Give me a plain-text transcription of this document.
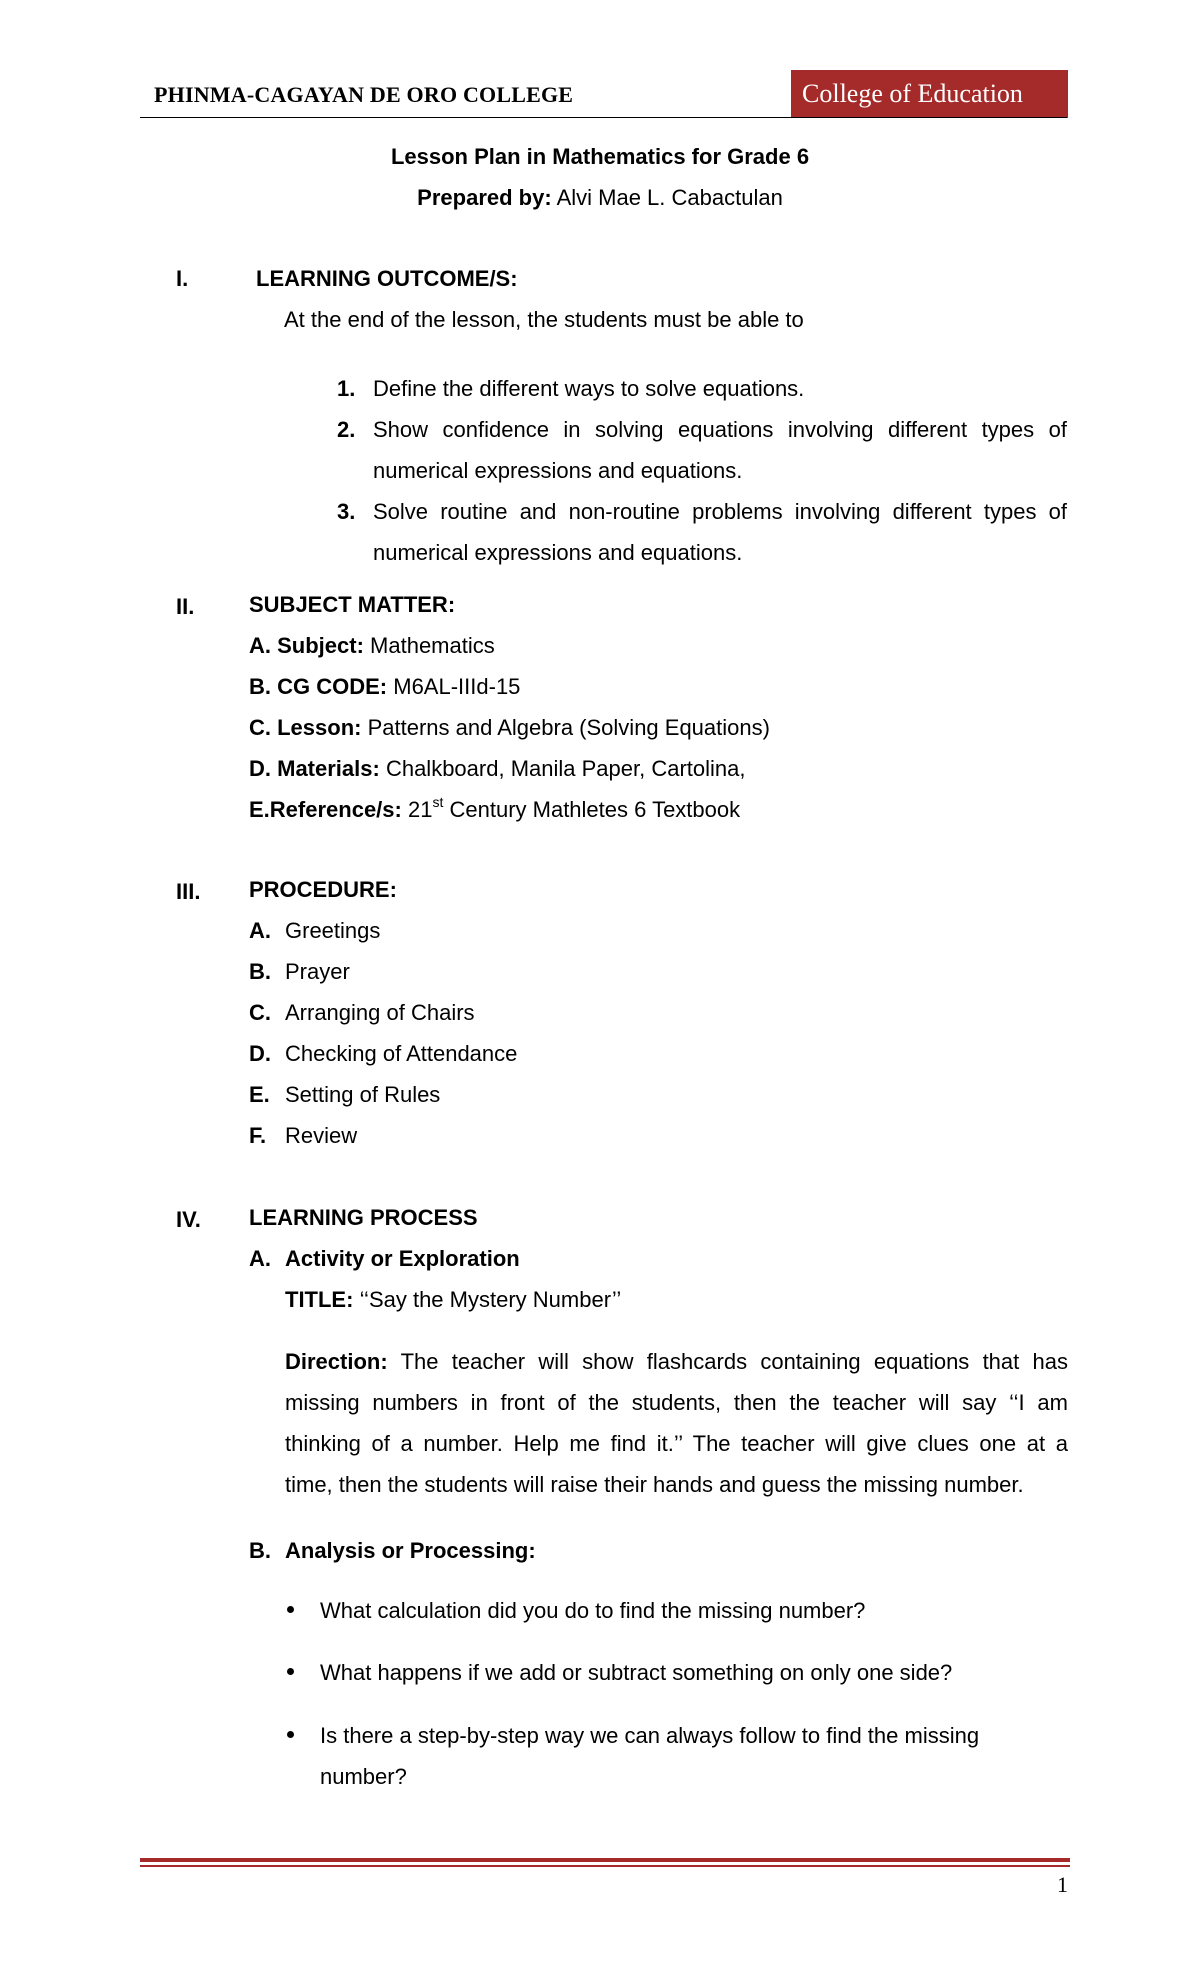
PHINMA-CAGAYAN DE ORO COLLEGE	College of Education
Lesson Plan in Mathematics for Grade 6
Prepared by: Alvi Mae L. Cabactulan
I.	LEARNING OUTCOME/S:
At the end of the lesson, the students must be able to
1. Define the different ways to solve equations.
2. Show confidence in solving equations involving different types of
numerical expressions and equations.
3. Solve routine and non-routine problems involving different types of
numerical expressions and equations.
II.	SUBJECT MATTER:
A. Subject: Mathematics
B. CG CODE: M6AL-IIId-15
C. Lesson: Patterns and Algebra (Solving Equations)
D. Materials: Chalkboard, Manila Paper, Cartolina,
E.Reference/s: 21st Century Mathletes 6 Textbook
III.	PROCEDURE:
A. Greetings
B. Prayer
C. Arranging of Chairs
D. Checking of Attendance
E. Setting of Rules
F. Review
IV.	LEARNING PROCESS
A. Activity or Exploration
TITLE: ‘‘Say the Mystery Number’’
Direction: The teacher will show flashcards containing equations that has
missing numbers in front of the students, then the teacher will say ‘‘I am
thinking of a number. Help me find it.’’ The teacher will give clues one at a
time, then the students will raise their hands and guess the missing number.
B. Analysis or Processing:
What calculation did you do to find the missing number?
What happens if we add or subtract something on only one side?
Is there a step-by-step way we can always follow to find the missing
number?
1
